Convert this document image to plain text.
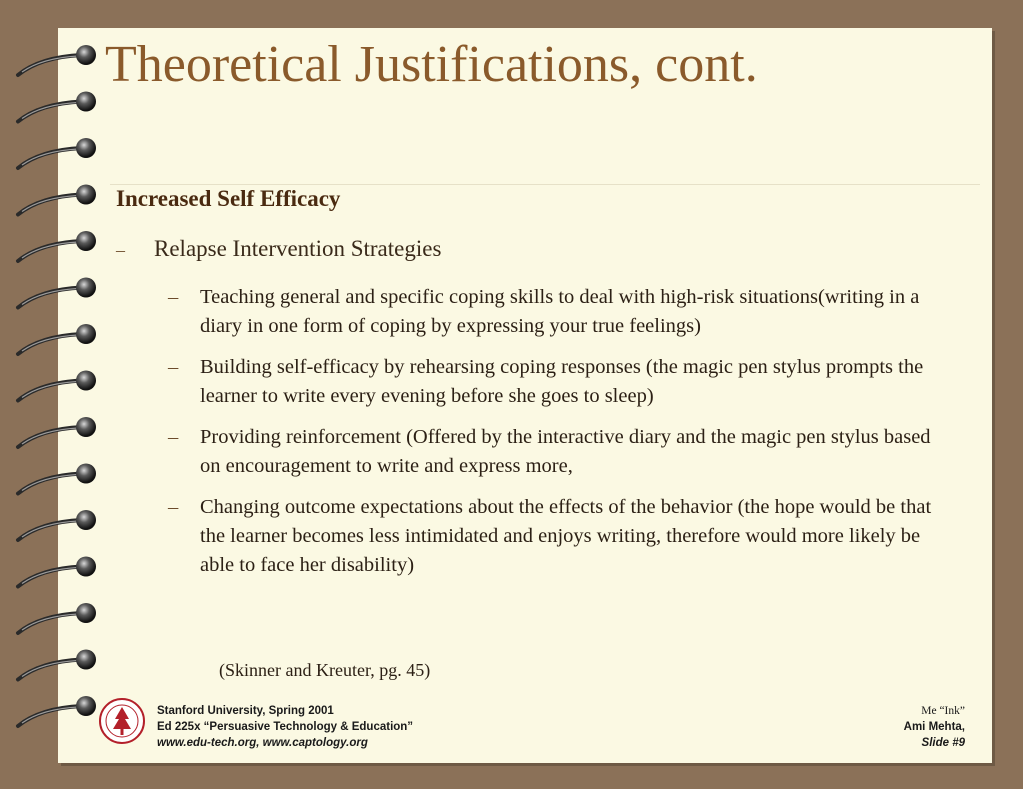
Theoretical Justifications, cont.
Increased Self Efficacy
– Relapse Intervention Strategies
–	Teaching general and specific coping skills to deal with high-risk situations(writing in a diary in one form of coping by expressing your true feelings)
–	Building self-efficacy by rehearsing coping responses (the magic pen stylus prompts the learner to write every evening before she goes to sleep)
–	Providing reinforcement (Offered by the interactive diary and the magic pen stylus based on encouragement to write and express more,
–	Changing outcome expectations about the effects of the behavior (the hope would be that the learner becomes less intimidated and enjoys writing, therefore would more likely be able to face her disability)
(Skinner and Kreuter, pg. 45)
Stanford University, Spring 2001
Ed 225x “Persuasive Technology & Education”
www.edu-tech.org, www.captology.org
Me “Ink”
Ami Mehta,
Slide #9
